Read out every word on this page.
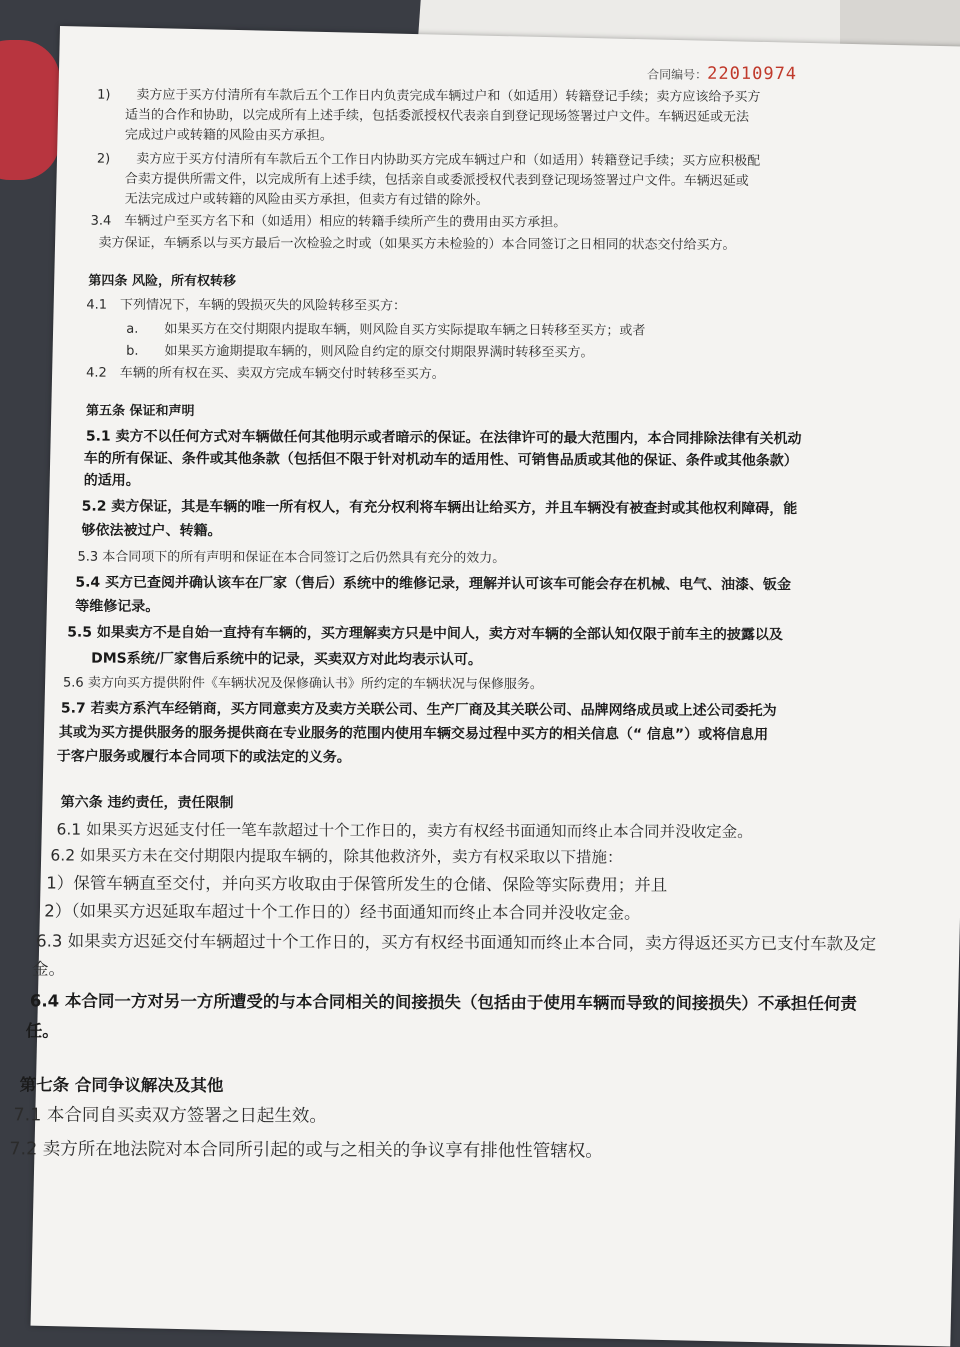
合同编号：22010974
1)　　卖方应于买方付清所有车款后五个工作日内负责完成车辆过户和（如适用）转籍登记手续；卖方应该给予买方
适当的合作和协助，以完成所有上述手续，包括委派授权代表亲自到登记现场签署过户文件。车辆迟延或无法
完成过户或转籍的风险由买方承担。
2)　　卖方应于买方付清所有车款后五个工作日内协助买方完成车辆过户和（如适用）转籍登记手续；买方应积极配
合卖方提供所需文件，以完成所有上述手续，包括亲自或委派授权代表到登记现场签署过户文件。车辆迟延或
无法完成过户或转籍的风险由买方承担，但卖方有过错的除外。
3.4　车辆过户至买方名下和（如适用）相应的转籍手续所产生的费用由买方承担。
卖方保证，车辆系以与买方最后一次检验之时或（如果买方未检验的）本合同签订之日相同的状态交付给买方。
第四条 风险，所有权转移
4.1　下列情况下，车辆的毁损灭失的风险转移至买方：
a.　　如果买方在交付期限内提取车辆，则风险自买方实际提取车辆之日转移至买方；或者
b.　　如果买方逾期提取车辆的，则风险自约定的原交付期限界满时转移至买方。
4.2　车辆的所有权在买、卖双方完成车辆交付时转移至买方。
第五条 保证和声明
5.1 卖方不以任何方式对车辆做任何其他明示或者暗示的保证。在法律许可的最大范围内，本合同排除法律有关机动
车的所有保证、条件或其他条款（包括但不限于针对机动车的适用性、可销售品质或其他的保证、条件或其他条款）
的适用。
5.2 卖方保证，其是车辆的唯一所有权人，有充分权利将车辆出让给买方，并且车辆没有被查封或其他权利障碍，能
够依法被过户、转籍。
5.3 本合同项下的所有声明和保证在本合同签订之后仍然具有充分的效力。
5.4 买方已查阅并确认该车在厂家（售后）系统中的维修记录，理解并认可该车可能会存在机械、电气、油漆、钣金
等维修记录。
5.5 如果卖方不是自始一直持有车辆的，买方理解卖方只是中间人，卖方对车辆的全部认知仅限于前车主的披露以及
DMS系统/厂家售后系统中的记录，买卖双方对此均表示认可。
5.6 卖方向买方提供附件《车辆状况及保修确认书》所约定的车辆状况与保修服务。
5.7 若卖方系汽车经销商，买方同意卖方及卖方关联公司、生产厂商及其关联公司、品牌网络成员或上述公司委托为
其或为买方提供服务的服务提供商在专业服务的范围内使用车辆交易过程中买方的相关信息（“ 信息”）或将信息用
于客户服务或履行本合同项下的或法定的义务。
第六条 违约责任，责任限制
6.1 如果买方迟延支付任一笔车款超过十个工作日的，卖方有权经书面通知而终止本合同并没收定金。
6.2 如果买方未在交付期限内提取车辆的，除其他救济外，卖方有权采取以下措施：
1）保管车辆直至交付，并向买方收取由于保管所发生的仓储、保险等实际费用；并且
2）（如果买方迟延取车超过十个工作日的）经书面通知而终止本合同并没收定金。
6.3 如果卖方迟延交付车辆超过十个工作日的，买方有权经书面通知而终止本合同，卖方得返还买方已支付车款及定
金。
6.4 本合同一方对另一方所遭受的与本合同相关的间接损失（包括由于使用车辆而导致的间接损失）不承担任何责
任。
第七条 合同争议解决及其他
7.1 本合同自买卖双方签署之日起生效。
7.2 卖方所在地法院对本合同所引起的或与之相关的争议享有排他性管辖权。
